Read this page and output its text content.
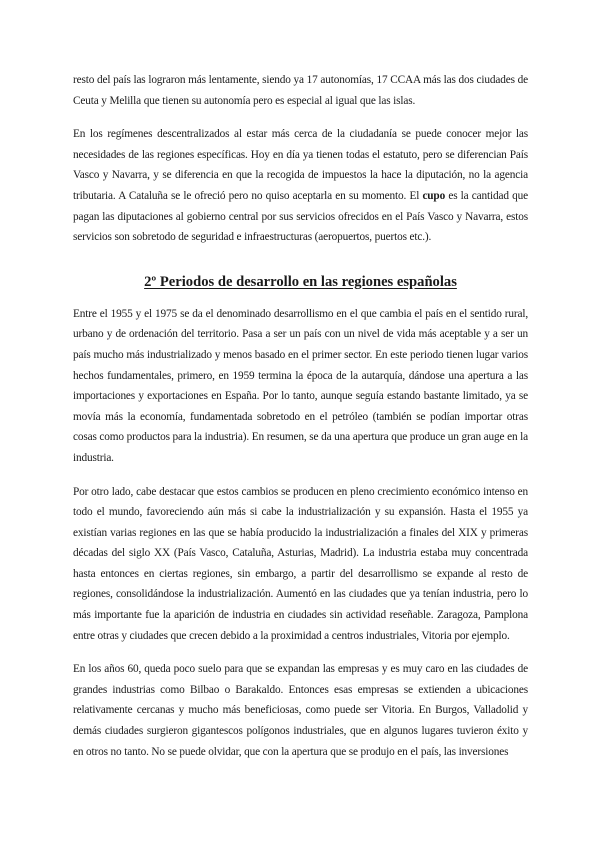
resto del país las lograron más lentamente, siendo ya 17 autonomías, 17 CCAA más las dos ciudades de Ceuta y Melilla que tienen su autonomía pero es especial al igual que las islas.

En los regímenes descentralizados al estar más cerca de la ciudadanía se puede conocer mejor las necesidades de las regiones específicas. Hoy en día ya tienen todas el estatuto, pero se diferencian País Vasco y Navarra, y se diferencia en que la recogida de impuestos la hace la diputación, no la agencia tributaria. A Cataluña se le ofreció pero no quiso aceptarla en su momento. El cupo es la cantidad que pagan las diputaciones al gobierno central por sus servicios ofrecidos en el País Vasco y Navarra, estos servicios son sobretodo de seguridad e infraestructuras (aeropuertos, puertos etc.).

2º Periodos de desarrollo en las regiones españolas

Entre el 1955 y el 1975 se da el denominado desarrollismo en el que cambia el país en el sentido rural, urbano y de ordenación del territorio. Pasa a ser un país con un nivel de vida más aceptable y a ser un país mucho más industrializado y menos basado en el primer sector. En este periodo tienen lugar varios hechos fundamentales, primero, en 1959 termina la época de la autarquía, dándose una apertura a las importaciones y exportaciones en España. Por lo tanto, aunque seguía estando bastante limitado, ya se movía más la economía, fundamentada sobretodo en el petróleo (también se podían importar otras cosas como productos para la industria). En resumen, se da una apertura que produce un gran auge en la industria.

Por otro lado, cabe destacar que estos cambios se producen en pleno crecimiento económico intenso en todo el mundo, favoreciendo aún más si cabe la industrialización y su expansión. Hasta el 1955 ya existían varias regiones en las que se había producido la industrialización a finales del XIX y primeras décadas del siglo XX (País Vasco, Cataluña, Asturias, Madrid). La industria estaba muy concentrada hasta entonces en ciertas regiones, sin embargo, a partir del desarrollismo se expande al resto de regiones, consolidándose la industrialización. Aumentó en las ciudades que ya tenían industria, pero lo más importante fue la aparición de industria en ciudades sin actividad reseñable. Zaragoza, Pamplona entre otras y ciudades que crecen debido a la proximidad a centros industriales, Vitoria por ejemplo.

En los años 60, queda poco suelo para que se expandan las empresas y es muy caro en las ciudades de grandes industrias como Bilbao o Barakaldo. Entonces esas empresas se extienden a ubicaciones relativamente cercanas y mucho más beneficiosas, como puede ser Vitoria. En Burgos, Valladolid y demás ciudades surgieron gigantescos polígonos industriales, que en algunos lugares tuvieron éxito y en otros no tanto. No se puede olvidar, que con la apertura que se produjo en el país, las inversiones
